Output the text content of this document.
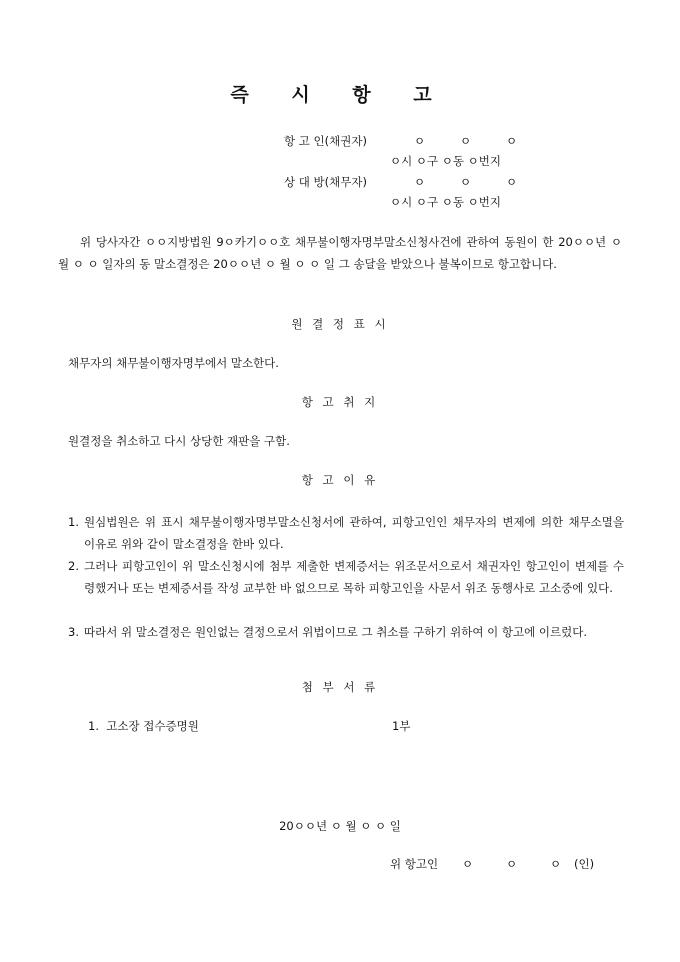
즉 시 항 고
항 고 인(채권자)	ㅇ	ㅇ	ㅇ
ㅇ시 ㅇ구 ㅇ동 ㅇ번지
상 대 방(채무자)	ㅇ	ㅇ	ㅇ
ㅇ시 ㅇ구 ㅇ동 ㅇ번지
위 당사자간 ㅇㅇ지방법원 9ㅇ카기ㅇㅇ호 채무불이행자명부말소신청사건에 관하여 동원이 한 20ㅇㅇ년 ㅇ 월 ㅇ ㅇ 일자의 동 말소결정은 20ㅇㅇ년 ㅇ 월 ㅇ ㅇ 일 그 송달을 받았으나 불복이므로 항고합니다.
원 결 정 표 시
채무자의 채무불이행자명부에서 말소한다.
항 고 취 지
원결정을 취소하고 다시 상당한 재판을 구함.
항 고 이 유
1. 원심법원은 위 표시 채무불이행자명부말소신청서에 관하여, 피항고인인 채무자의 변제에 의한 채무소멸을 이유로 위와 같이 말소결정을 한바 있다.
2. 그러나 피항고인이 위 말소신청시에 첨부 제출한 변제증서는 위조문서으로서 채권자인 항고인이 변제를 수령했거나 또는 변제증서를 작성 교부한 바 없으므로 목하 피항고인을 사문서 위조 동행사로 고소중에 있다.
3. 따라서 위 말소결정은 원인없는 결정으로서 위법이므로 그 취소를 구하기 위하여 이 항고에 이르렀다.
첨 부 서 류
1.  고소장 접수증명원	1부
20ㅇㅇ년 ㅇ 월 ㅇ ㅇ 일
위 항고인 ㅇ	ㅇ	ㅇ (인)
